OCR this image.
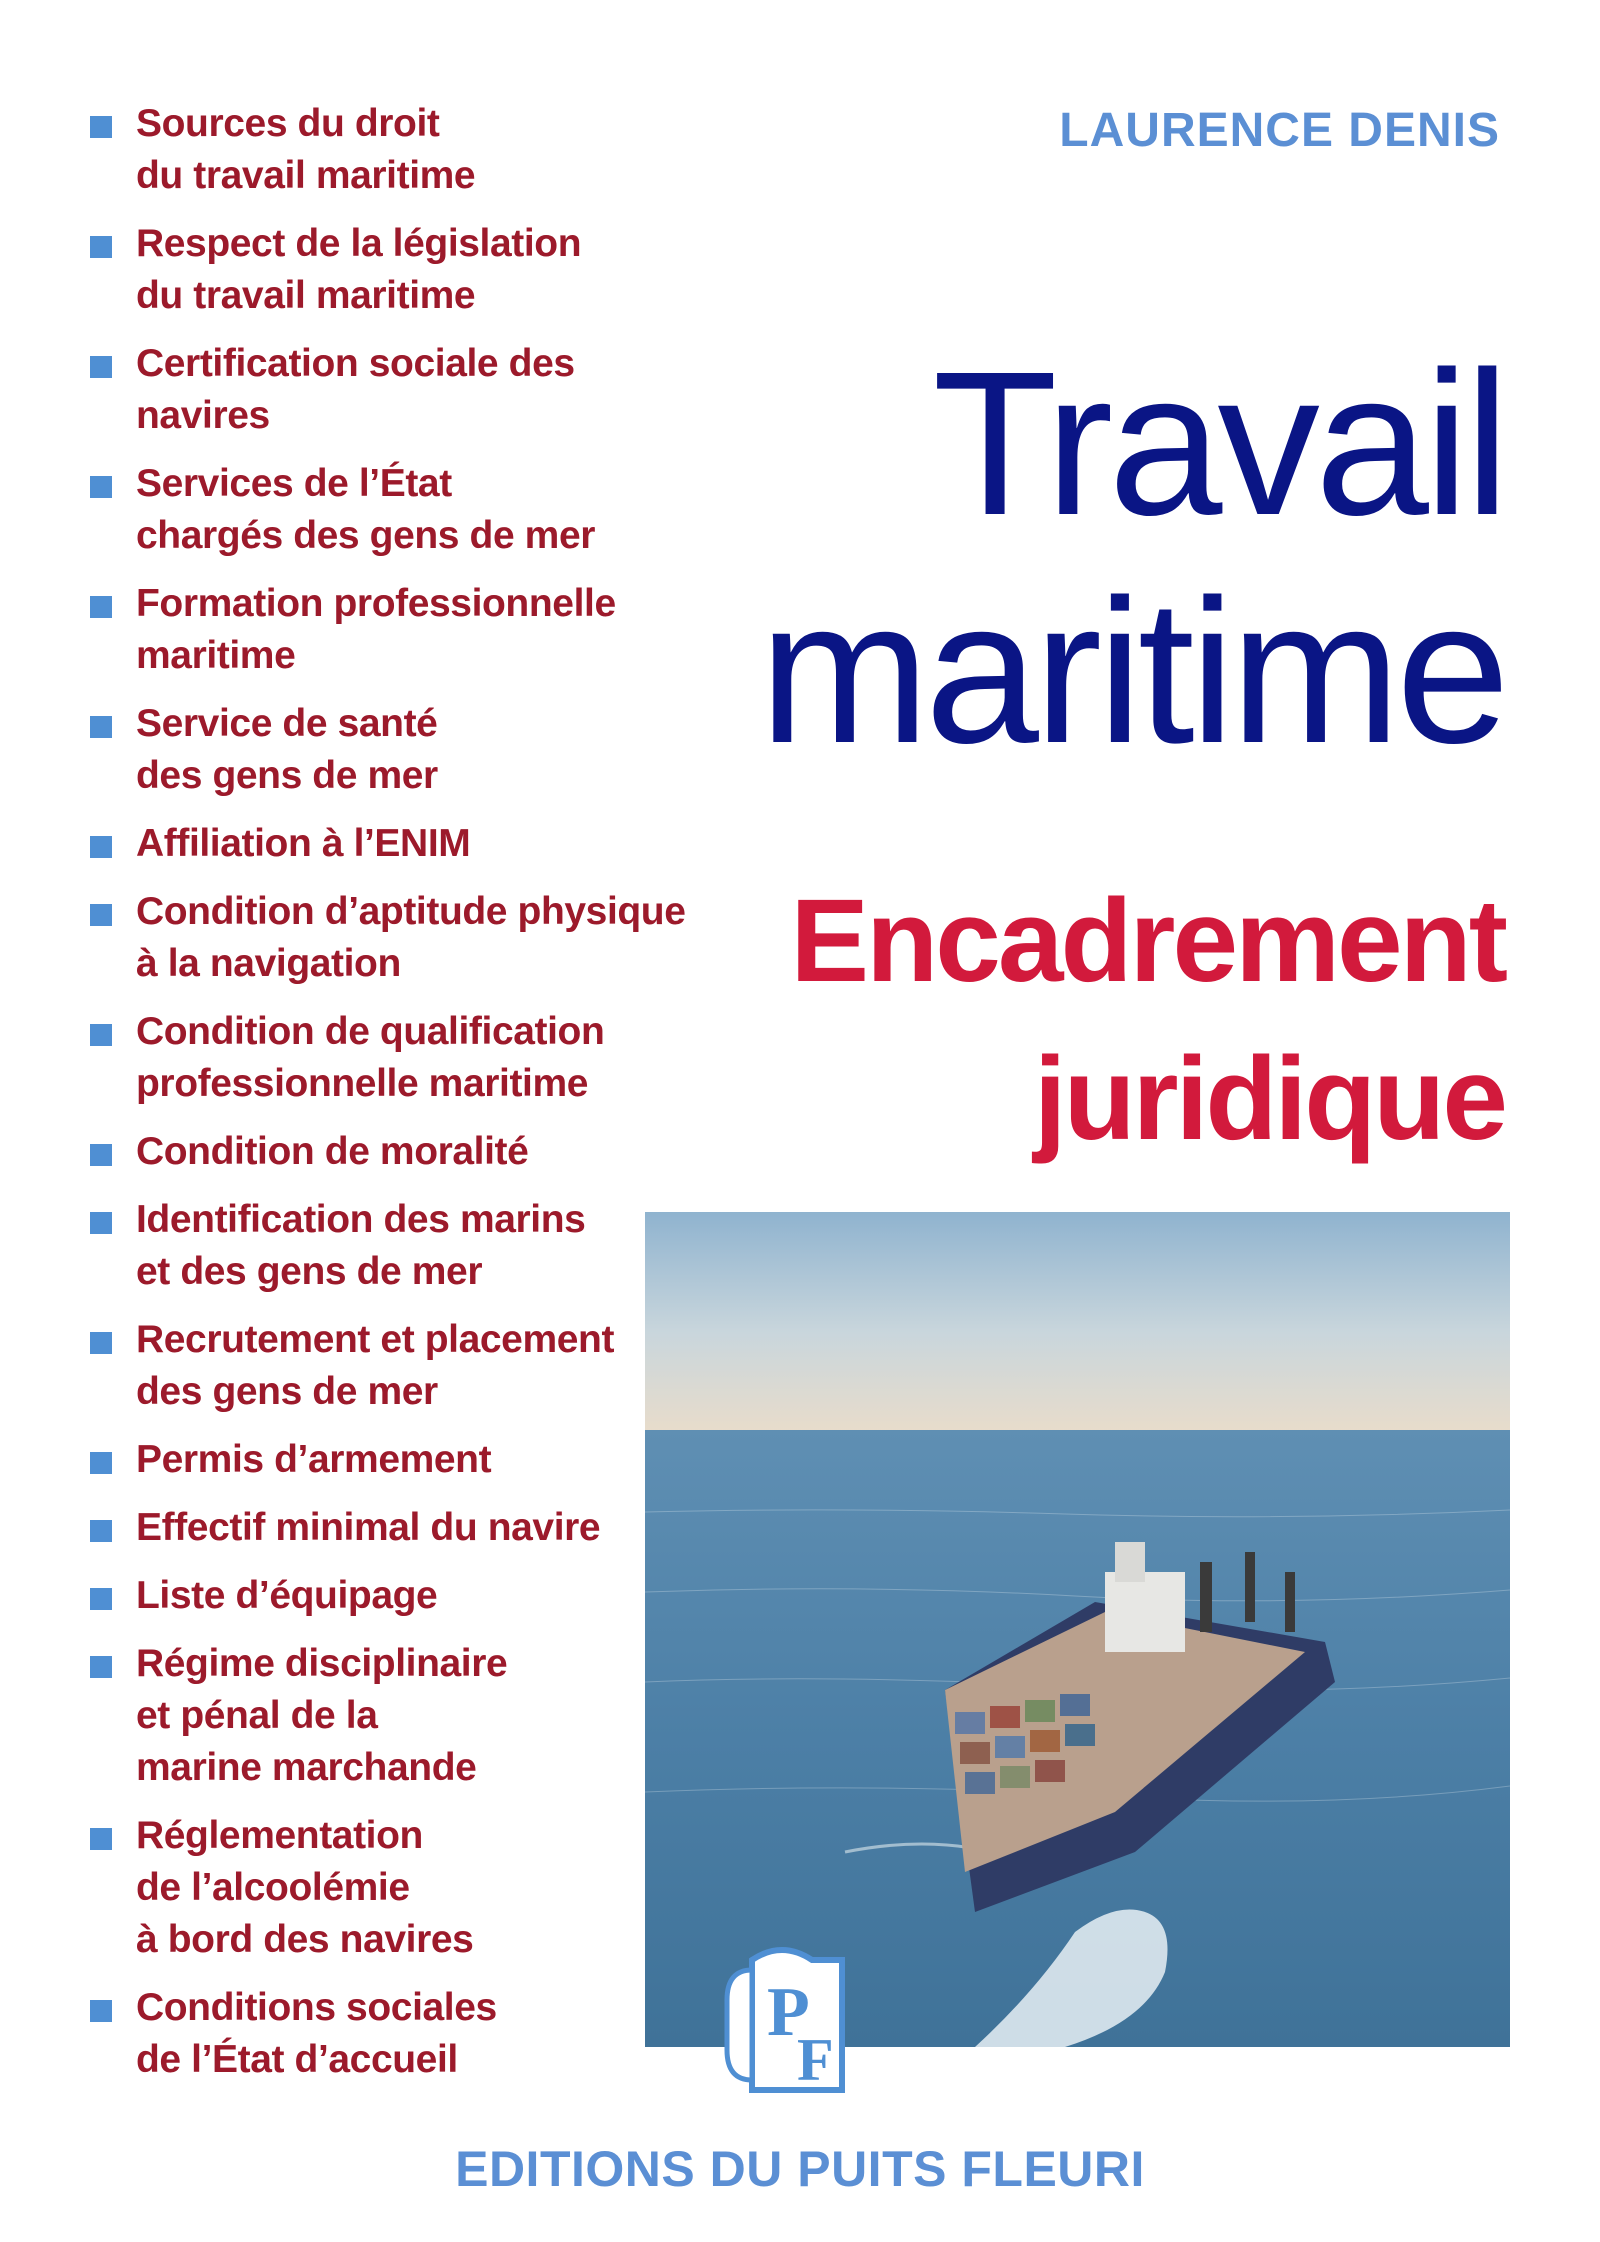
Sources du droit
du travail maritime
Respect de la législation
du travail maritime
Certification sociale des navires
Services de l’État
chargés des gens de mer
Formation professionnelle
maritime
Service de santé
des gens de mer
Affiliation à l’ENIM
Condition d’aptitude physique
à la navigation
Condition de qualification
professionnelle maritime
Condition de moralité
Identification des marins
et des gens de mer
Recrutement et placement
des gens de mer
Permis d’armement
Effectif minimal du navire
Liste d’équipage
Régime disciplinaire
et pénal de la
marine marchande
Réglementation
de l’alcoolémie
à bord des navires
Conditions sociales
de l’État d’accueil
LAURENCE DENIS
Travail
maritime
Encadrement
juridique
P
F
EDITIONS DU PUITS FLEURI
